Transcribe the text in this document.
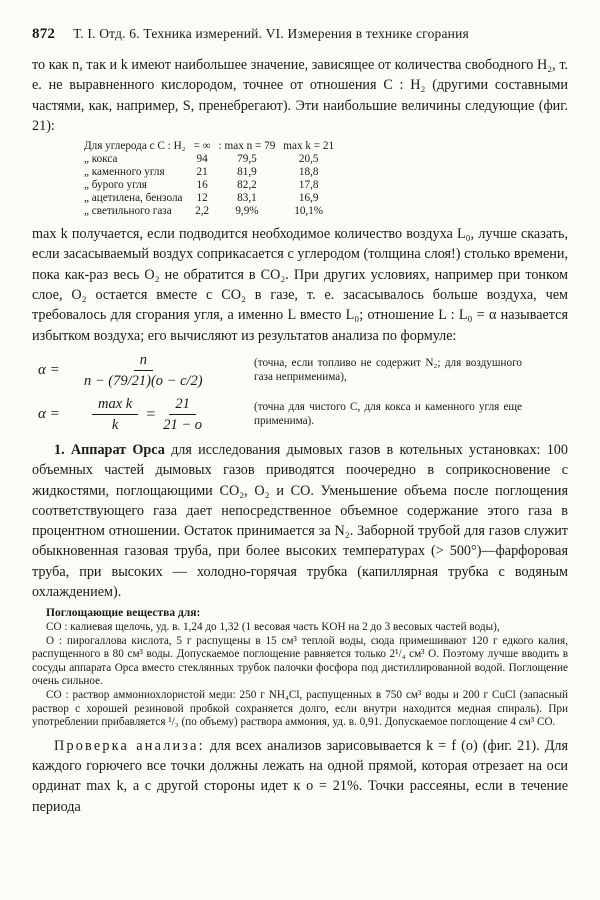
872 Т. I. Отд. 6. Техника измерений. VI. Измерения в технике сгорания

то как n, так и k имеют наибольшее значение, зависящее от количества свободного H₂, т. е. не выравненного кислородом, точнее от отношения C : H₂ (другими составными частями, как, например, S, пренебрегают). Эти наибольшие величины следующие (фиг. 21):

Для углерода с C : H₂	= ∞	: max n = 79	max k = 21
„ кокса	94	79,5	20,5
„ каменного угля	21	81,9	18,8
„ бурого угля	16	82,2	17,8
„ ацетилена, бензола	12	83,1	16,9
„ светильного газа	2,2	9,9%	10,1%

max k получается, если подводится необходимое количество воздуха L₀, лучше сказать, если засасываемый воздух соприкасается с углеродом (толщина слоя!) столько времени, пока как-раз весь O₂ не обратится в CO₂. При других условиях, например при тонком слое, O₂ остается вместе с CO₂ в газе, т. е. засасывалось больше воздуха, чем требовалось для сгорания угля, а именно L вместо L₀; отношение L : L₀ = α называется избытком воздуха; его вычисляют из результатов анализа по формуле:

α =	$\frac{n}{n - (79/21)(o - c/2)}$	(точна, если топливо не содержит N₂; для воздушного газа неприменима),
α =	$\frac{\text{max k}}{k} = \frac{21}{21 - o}$	(точна для чистого C, для кокса и каменного угля еще применима).

1. Аппарат Орса для исследования дымовых газов в котельных установках: 100 объемных частей дымовых газов приводятся поочередно в соприкосновение с жидкостями, поглощающими CO₂, O₂ и CO. Уменьшение объема после поглощения соответствующего газа дает непосредственное объемное содержание этого газа в процентном отношении. Остаток принимается за N₂. Заборной трубой для газов служит обыкновенная газовая труба, при более высоких температурах (> 500°)—фарфоровая труба, при высоких — холодно-горячая трубка (капиллярная трубка с водяным охлаждением).

Поглощающие вещества для:

CO : калиевая щелочь, уд. в. 1,24 до 1,32 (1 весовая часть KOH на 2 до 3 весовых частей воды),

O : пирогаллова кислота, 5 г распущены в 15 см³ теплой воды, сюда примешивают 120 г едкого калия, распущенного в 80 см³ воды. Допускаемое поглощение равняется только 2¹/₄ см³ O. Поэтому лучше вводить в сосуды аппарата Орса вместо стеклянных трубок палочки фосфора под дистиллированной водой. Поглощение очень сильное.

CO : раствор аммониохлористой меди: 250 г NH₄Cl, распущенных в 750 см³ воды и 200 г CuCl (запасный раствор с хорошей резиновой пробкой сохраняется долго, если внутри находится медная спираль). При употреблении прибавляется ¹/₃ (по объему) раствора аммония, уд. в. 0,91. Допускаемое поглощение 4 см³ CO.

Проверка анализа: для всех анализов зарисовывается k = f (o) (фиг. 21). Для каждого горючего все точки должны лежать на одной прямой, которая отрезает на оси ординат max k, а с другой стороны идет к o = 21%. Точки рассеяны, если в течение периода
